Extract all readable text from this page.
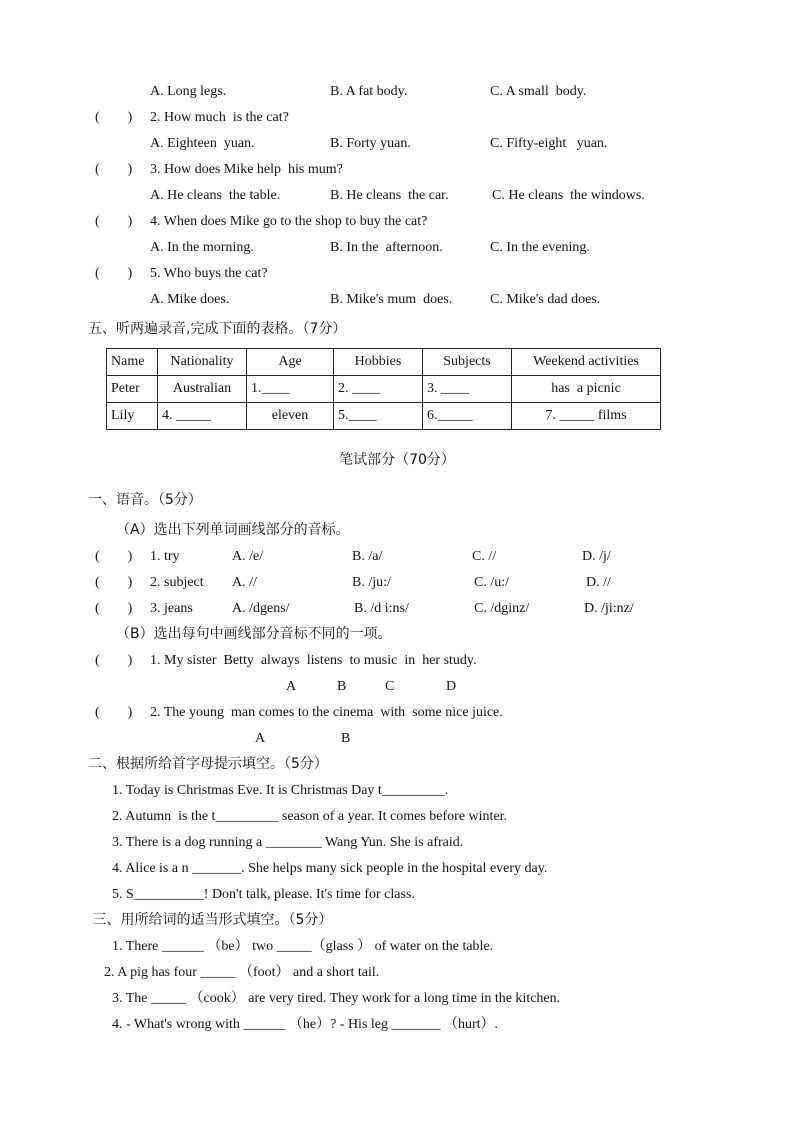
A. Long legs.	B. A fat body.	C. A small  body.
(        ) 2. How much  is the cat?
A. Eighteen  yuan.	B. Forty yuan.	C. Fifty-eight   yuan.
(        ) 3. How does Mike help  his mum?
A. He cleans  the table.	B. He cleans  the car.	C. He cleans  the windows.
(        ) 4. When does Mike go to the shop to buy the cat?
A. In the morning.	B. In the  afternoon.	C. In the evening.
(        ) 5. Who buys the cat?
A. Mike does.	B. Mike's mum  does.	C. Mike's dad does.
五、听两遍录音,完成下面的表格。（7分）
Name	Nationality	Age	Hobbies	Subjects	Weekend activities
Peter	Australian	1.____	2. ____	3. ____	has  a picnic
Lily	4. _____	eleven	5.____	6._____	7. _____ films
笔试部分（70分）
一、语音。（5分）
（A）选出下列单词画线部分的音标。
(        ) 1. try	A. /e/	B. /a/	C. //	D. /j/
(        ) 2. subject A. //	B. /ju:/	C. /u:/	D. //
(        ) 3. jeans	A. /dgens/	B. /d i:ns/	C. /dginz/	D. /ji:nz/
（B）选出每句中画线部分音标不同的一项。
(        ) 1. My sister  Betty  always  listens  to music  in  her study.
A	B	C	D
(        ) 2. The young  man comes to the cinema  with  some nice juice.
A	B
二、根据所给首字母提示填空。（5分）
1. Today is Christmas Eve. It is Christmas Day t_________.
2. Autumn  is the t_________ season of a year. It comes before winter.
3. There is a dog running a ________ Wang Yun. She is afraid.
4. Alice is a n _______. She helps many sick people in the hospital every day.
5. S__________! Don't talk, please. It's time for class.
三、用所给词的适当形式填空。（5分）
1. There ______ （be） two _____（glass ） of water on the table.
2. A pig has four _____ （foot） and a short tail.
3. The _____ （cook） are very tired. They work for a long time in the kitchen.
4. - What's wrong with ______ （he）? - His leg _______ （hurt）.
